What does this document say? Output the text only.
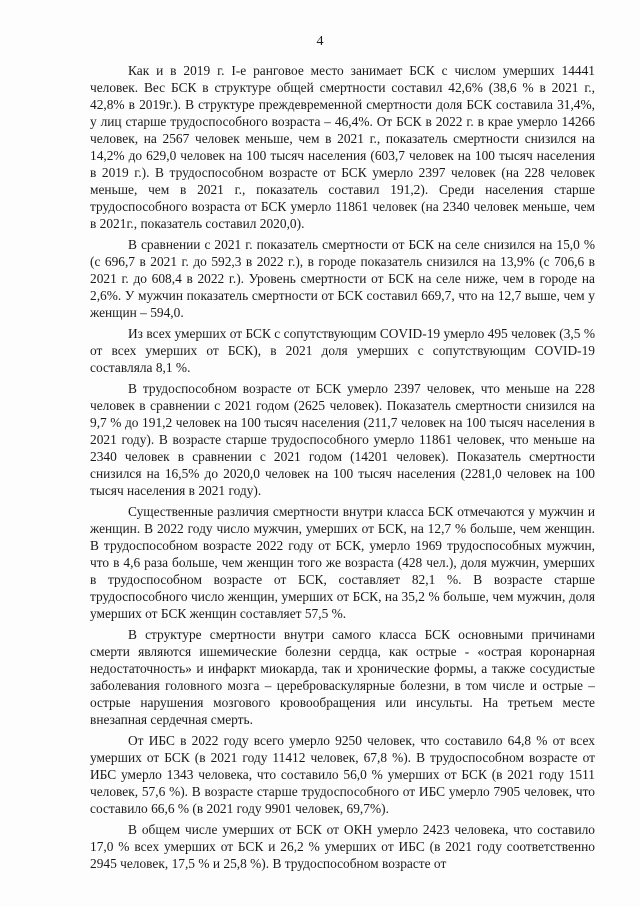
4

Как и в 2019 г. I-е ранговое место занимает БСК с числом умерших 14441 человек. Вес БСК в структуре общей смертности составил 42,6% (38,6 % в 2021 г., 42,8% в 2019г.). В структуре преждевременной смертности доля БСК составила 31,4%, у лиц старше трудоспособного возраста – 46,4%. От БСК в 2022 г. в крае умерло 14266 человек, на 2567 человек меньше, чем в 2021 г., показатель смертности снизился на 14,2% до 629,0 человек на 100 тысяч населения (603,7 человек на 100 тысяч населения в 2019 г.). В трудоспособном возрасте от БСК умерло 2397 человек (на 228 человек меньше, чем в 2021 г., показатель составил 191,2). Среди населения старше трудоспособного возраста от БСК умерло 11861 человек (на 2340 человек меньше, чем в 2021г., показатель составил 2020,0).

В сравнении с 2021 г. показатель смертности от БСК на селе снизился на 15,0 % (с 696,7 в 2021 г. до 592,3 в 2022 г.), в городе показатель снизился на 13,9% (с 706,6 в 2021 г. до 608,4 в 2022 г.). Уровень смертности от БСК на селе ниже, чем в городе на 2,6%. У мужчин показатель смертности от БСК составил 669,7, что на 12,7 выше, чем у женщин – 594,0.

Из всех умерших от БСК с сопутствующим COVID-19 умерло 495 человек (3,5 % от всех умерших от БСК), в 2021 доля умерших с сопутствующим COVID-19 составляла 8,1 %.

В трудоспособном возрасте от БСК умерло 2397 человек, что меньше на 228 человек в сравнении с 2021 годом (2625 человек). Показатель смертности снизился на 9,7 % до 191,2 человек на 100 тысяч населения (211,7 человек на 100 тысяч населения в 2021 году). В возрасте старше трудоспособного умерло 11861 человек, что меньше на 2340 человек в сравнении с 2021 годом (14201 человек). Показатель смертности снизился на 16,5% до 2020,0 человек на 100 тысяч населения (2281,0 человек на 100 тысяч населения в 2021 году).

Существенные различия смертности внутри класса БСК отмечаются у мужчин и женщин. В 2022 году число мужчин, умерших от БСК, на 12,7 % больше, чем женщин. В трудоспособном возрасте 2022 году от БСК, умерло 1969 трудоспособных мужчин, что в 4,6 раза больше, чем женщин того же возраста (428 чел.), доля мужчин, умерших в трудоспособном возрасте от БСК, составляет 82,1 %. В возрасте старше трудоспособного число женщин, умерших от БСК, на 35,2 % больше, чем мужчин, доля умерших от БСК женщин составляет 57,5 %.

В структуре смертности внутри самого класса БСК основными причинами смерти являются ишемические болезни сердца, как острые - «острая коронарная недостаточность» и инфаркт миокарда, так и хронические формы, а также сосудистые заболевания головного мозга – цереброваскулярные болезни, в том числе и острые – острые нарушения мозгового кровообращения или инсульты. На третьем месте внезапная сердечная смерть.

От ИБС в 2022 году всего умерло 9250 человек, что составило 64,8 % от всех умерших от БСК (в 2021 году 11412 человек, 67,8 %). В трудоспособном возрасте от ИБС умерло 1343 человека, что составило 56,0 % умерших от БСК (в 2021 году 1511 человек, 57,6 %). В возрасте старше трудоспособного от ИБС умерло 7905 человек, что составило 66,6 % (в 2021 году 9901 человек, 69,7%).

В общем числе умерших от БСК от ОКН умерло 2423 человека, что составило 17,0 % всех умерших от БСК и 26,2 % умерших от ИБС (в 2021 году соответственно 2945 человек, 17,5 % и 25,8 %). В трудоспособном возрасте от
